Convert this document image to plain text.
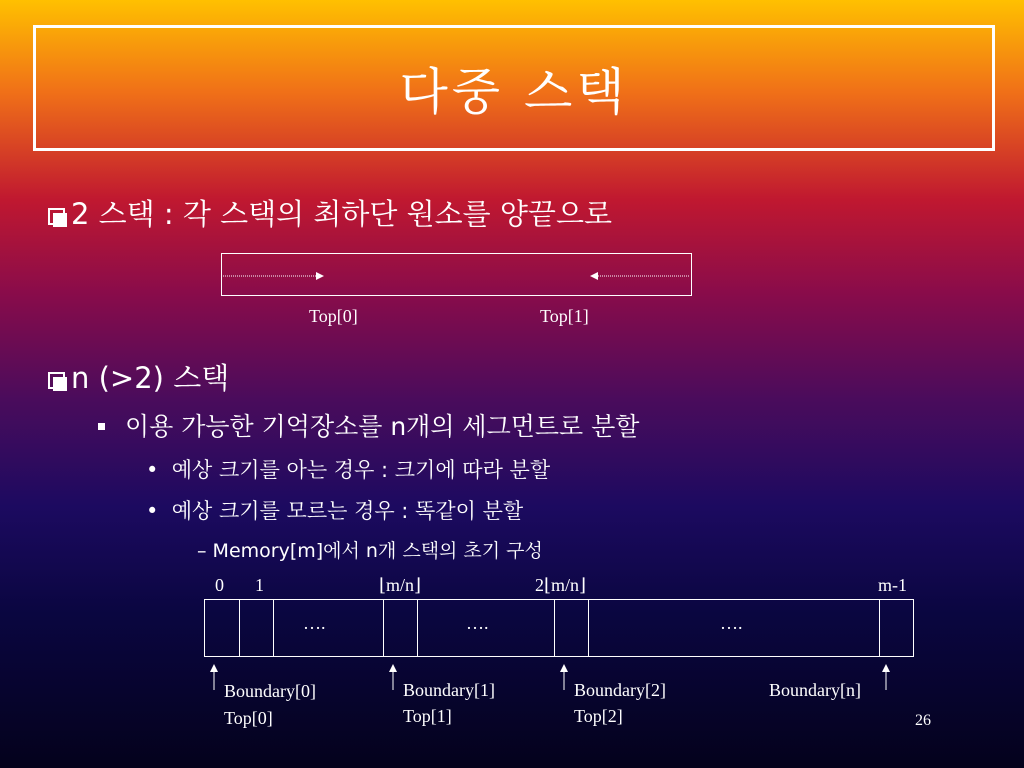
다중 스택
2 스택 : 각 스택의 최하단 원소를 양끝으로
Top[0]	Top[1]
n (>2) 스택
이용 가능한 기억장소를 n개의 세그먼트로 분할
• 예상 크기를 아는 경우 : 크기에 따라 분할
• 예상 크기를 모르는 경우 : 똑같이 분할
– Memory[m]에서 n개 스택의 초기 구성
0 1	⌊m/n⌋	2⌊m/n⌋	m-1
….	….	….
Boundary[0]
Top[0]
Boundary[1]
Top[1]
Boundary[2]
Top[2]
Boundary[n]
26
